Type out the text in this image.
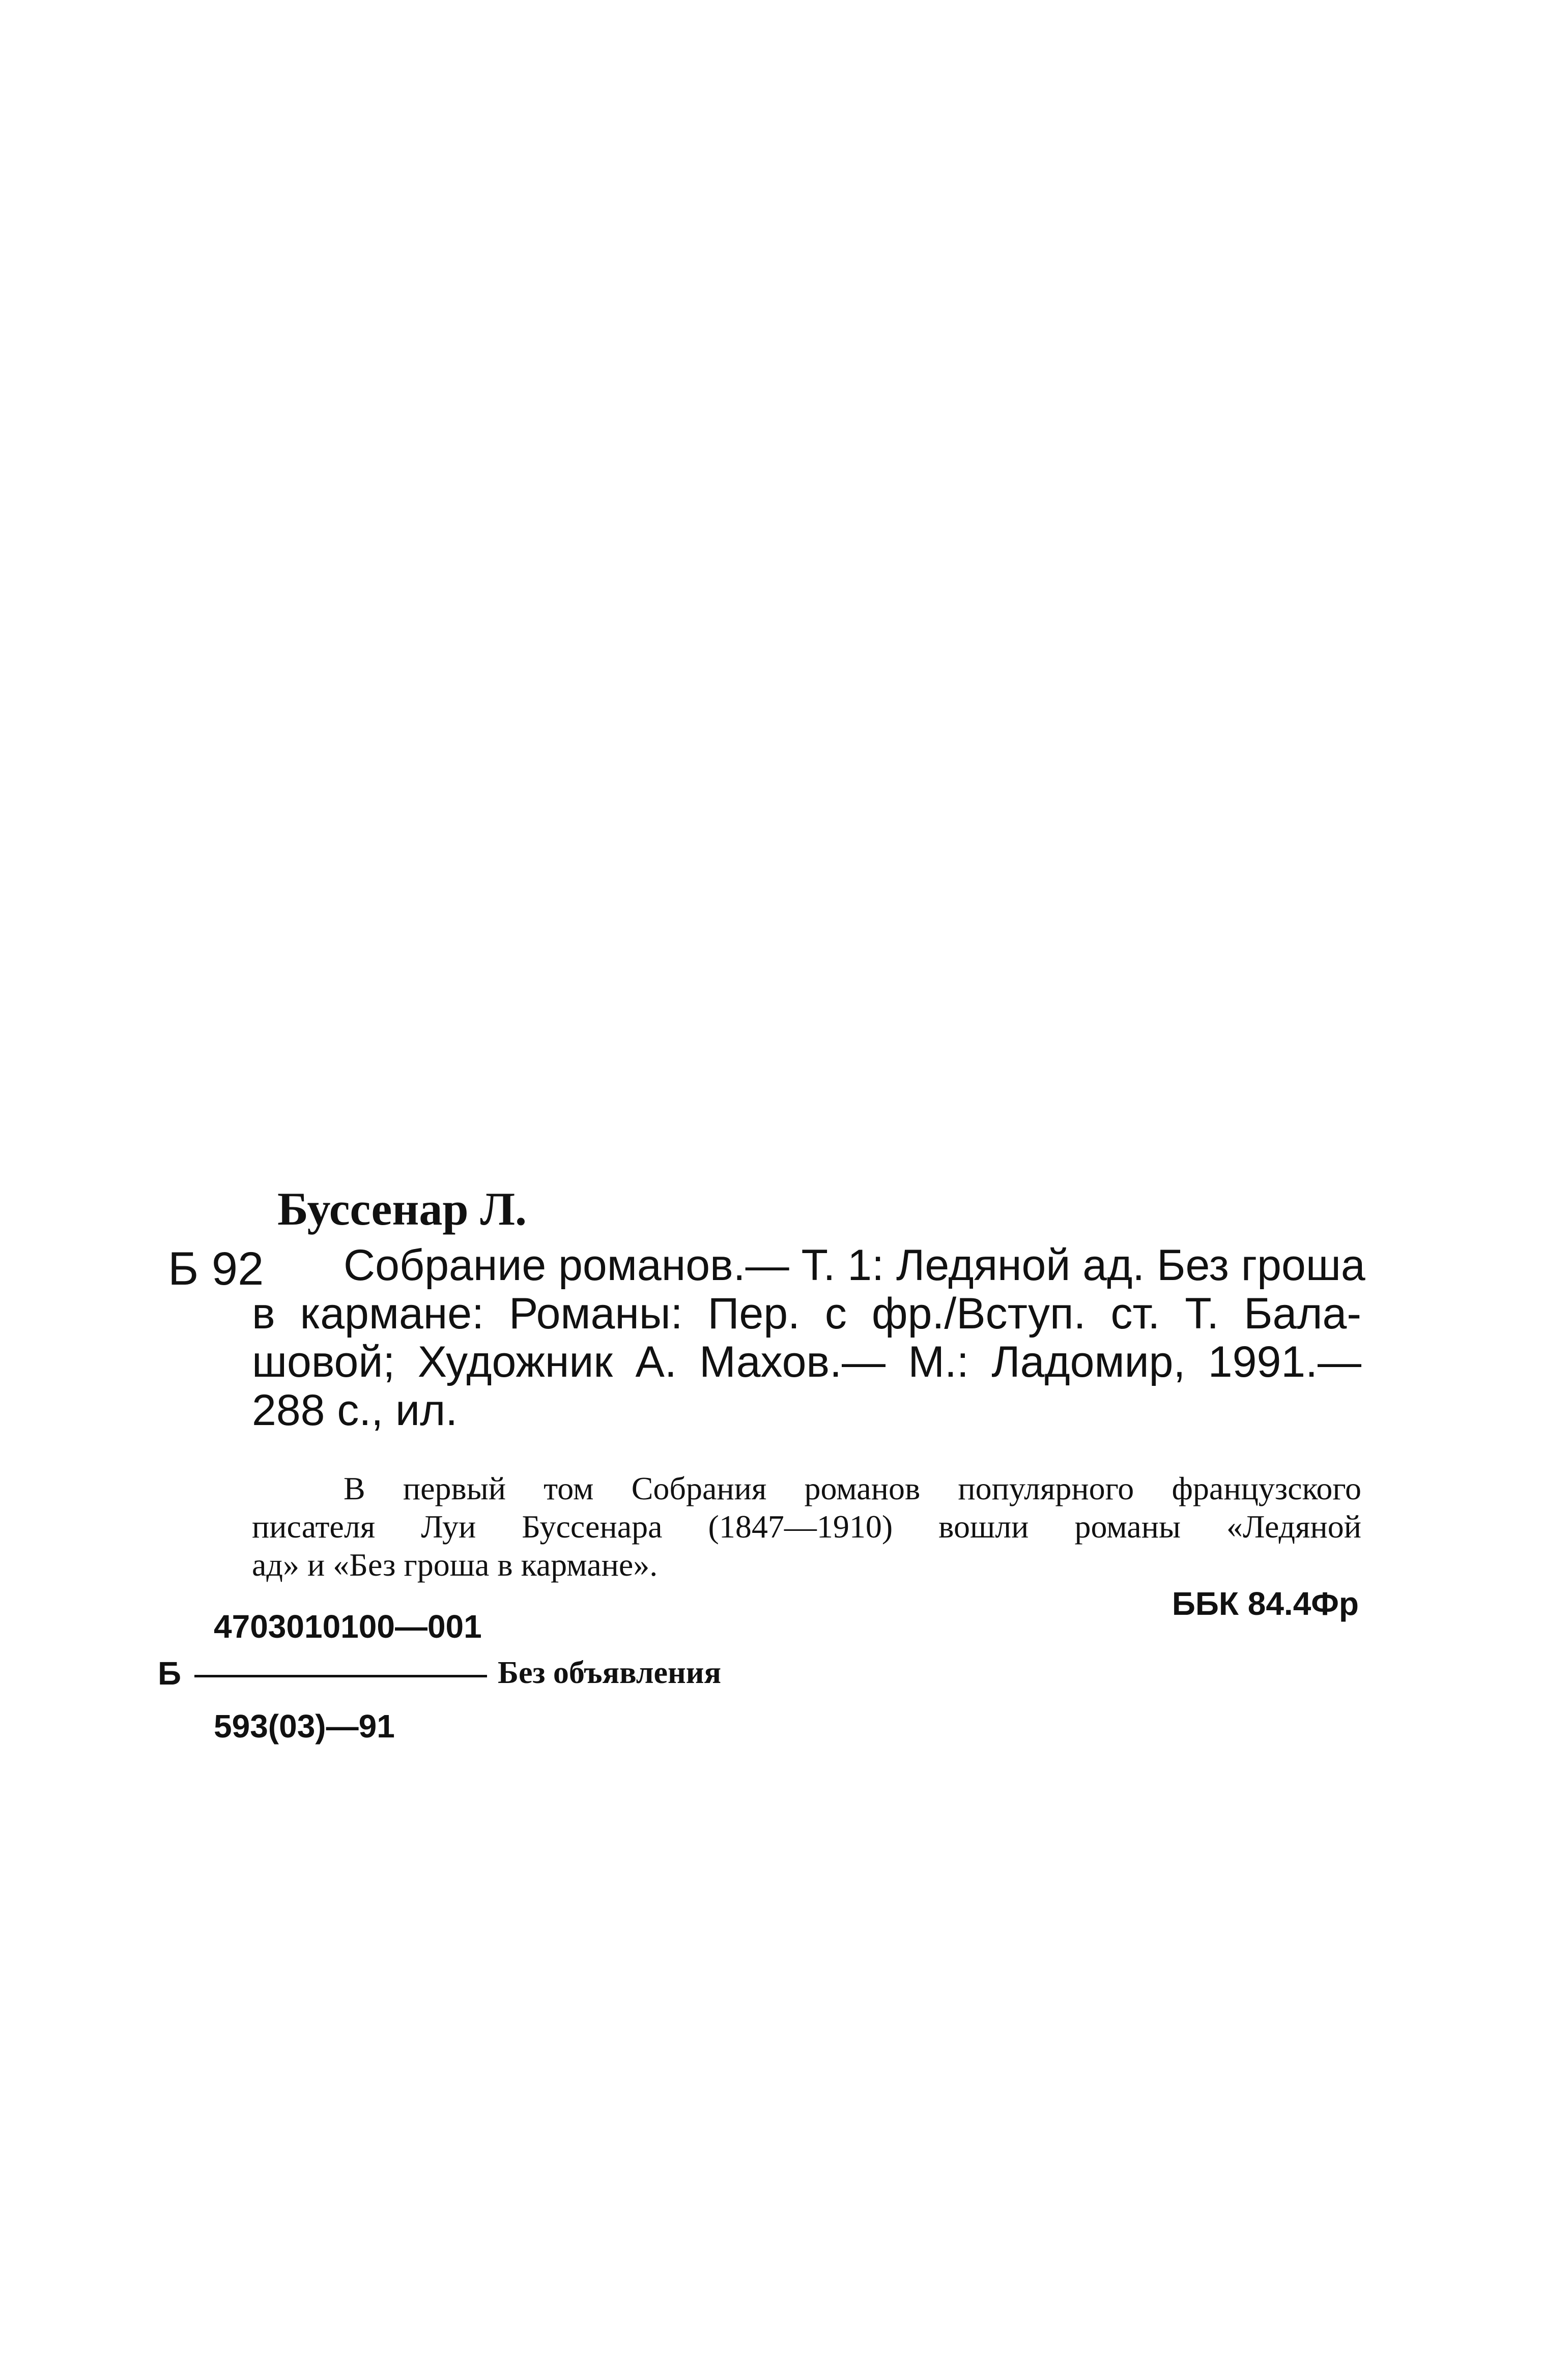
Буссенар Л.
Б 92	Собрание романов.— Т. 1: Ледяной ад. Без гроша
в кармане: Романы: Пер. с фр./Вступ. ст. Т. Бала-
шовой; Художник А. Махов.— М.: Ладомир, 1991.—
288 с., ил.
В первый том Собрания романов популярного французского
писателя Луи Буссенара (1847—1910) вошли романы «Ледяной
ад» и «Без гроша в кармане».
ББК 84.4Фр
4703010100—001
Б	Без объявления
593(03)—91
